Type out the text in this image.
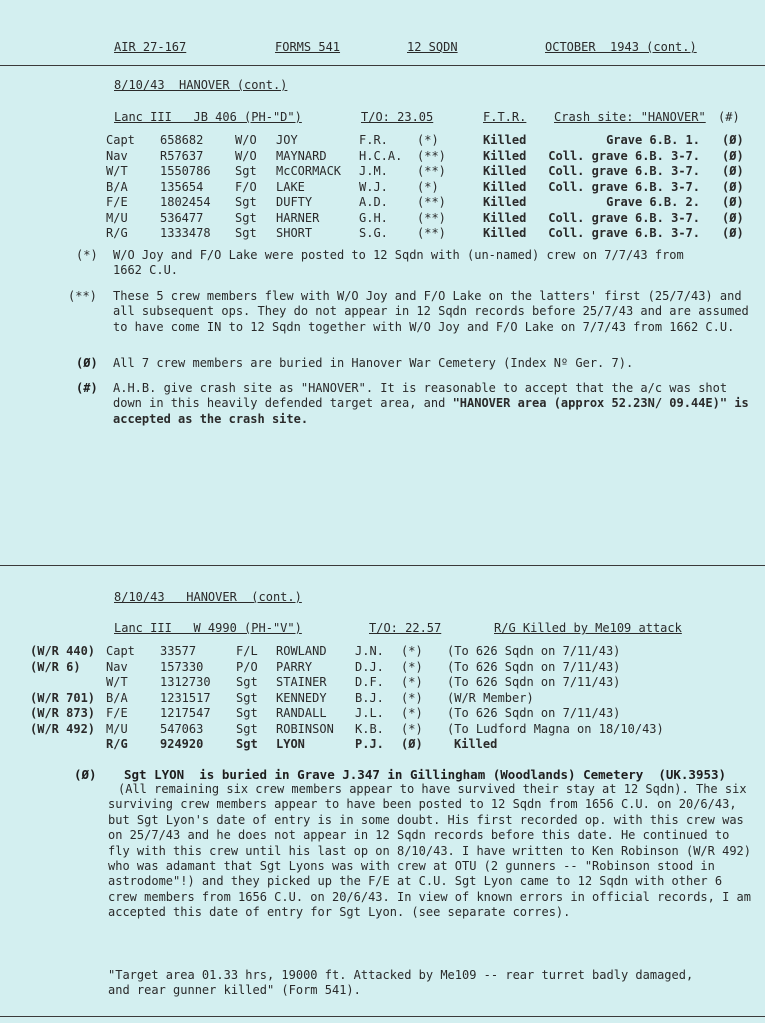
AIR 27-167	FORMS 541	12 SQDN	OCTOBER  1943 (cont.)
8/10/43  HANOVER (cont.)
Lanc III   JB 406 (PH-"D")	T/O: 23.05	F.T.R. Crash site: "HANOVER" (#)
Capt 658682	W/O JOY	F.R. (*)	Killed	Grave 6.B. 1. (Ø)
Nav	R57637	W/O MAYNARD	H.C.A. (**)	Killed Coll. grave 6.B. 3-7. (Ø)
W/T	1550786 Sgt McCORMACK J.M. (**)	Killed Coll. grave 6.B. 3-7. (Ø)
B/A	135654	F/O LAKE	W.J. (*)	Killed Coll. grave 6.B. 3-7. (Ø)
F/E	1802454 Sgt DUFTY	A.D. (**)	Killed	Grave 6.B. 2. (Ø)
M/U	536477	Sgt HARNER	G.H. (**)	Killed Coll. grave 6.B. 3-7. (Ø)
R/G	1333478 Sgt SHORT	S.G. (**)	Killed Coll. grave 6.B. 3-7. (Ø)
(*) W/O Joy and F/O Lake were posted to 12 Sqdn with (un-named) crew on 7/7/43 from 1662 C.U.
(**) These 5 crew members flew with W/O Joy and F/O Lake on the latters' first (25/7/43) and all subsequent ops. They do not appear in 12 Sqdn records before 25/7/43 and are assumed to have come IN to 12 Sqdn together with W/O Joy and F/O Lake on 7/7/43 from 1662 C.U.
(Ø) All 7 crew members are buried in Hanover War Cemetery (Index Nº Ger. 7).
(#) A.H.B. give crash site as "HANOVER". It is reasonable to accept that the a/c was shot down in this heavily defended target area, and "HANOVER area (approx 52.23N/ 09.44E)" is accepted as the crash site.
8/10/43   HANOVER  (cont.)
Lanc III   W 4990 (PH-"V")	T/O: 22.57	R/G Killed by Me109 attack
(W/R 440) Capt 33577	F/L ROWLAND J.N. (*) (To 626 Sqdn on 7/11/43)
(W/R 6) Nav	157330	P/O PARRY	D.J. (*) (To 626 Sqdn on 7/11/43)
W/T	1312730 Sgt STAINER D.F. (*) (To 626 Sqdn on 7/11/43)
(W/R 701) B/A	1231517 Sgt KENNEDY B.J. (*) (W/R Member)
(W/R 873) F/E	1217547 Sgt RANDALL J.L. (*) (To 626 Sqdn on 7/11/43)
(W/R 492) M/U	547063	Sgt ROBINSON K.B. (*) (To Ludford Magna on 18/10/43)
R/G	924920	Sgt LYON	P.J. (Ø)	Killed
(Ø) Sgt LYON  is buried in Grave J.347 in Gillingham (Woodlands) Cemetery  (UK.3953)
(All remaining six crew members appear to have survived their stay at 12 Sqdn). The six surviving crew members appear to have been posted to 12 Sqdn from 1656 C.U. on 20/6/43, but Sgt Lyon's date of entry is in some doubt. His first recorded op. with this crew was on 25/7/43 and he does not appear in 12 Sqdn records before this date. He continued to fly with this crew until his last op on 8/10/43. I have written to Ken Robinson (W/R 492) who was adamant that Sgt Lyons was with crew at OTU (2 gunners -- "Robinson stood in astrodome"!) and they picked up the F/E at C.U. Sgt Lyon came to 12 Sqdn with other 6 crew members from 1656 C.U. on 20/6/43. In view of known errors in official records, I am accepted this date of entry for Sgt Lyon. (see separate corres).
"Target area 01.33 hrs, 19000 ft. Attacked by Me109 -- rear turret badly damaged, and rear gunner killed" (Form 541).
